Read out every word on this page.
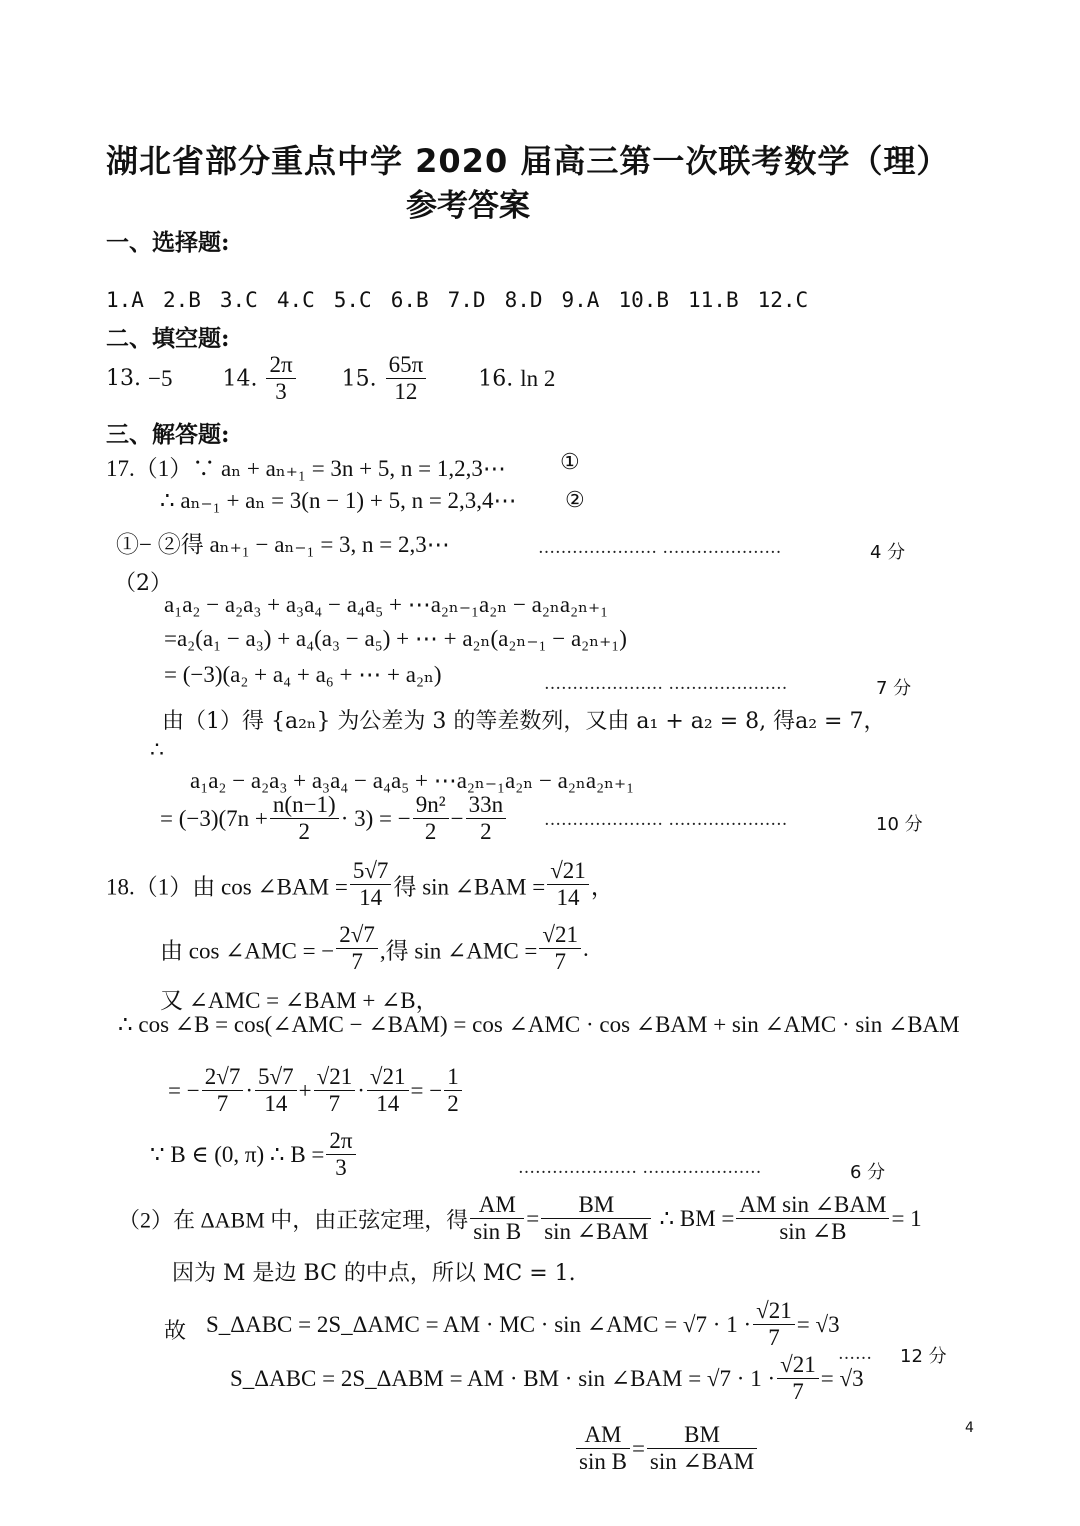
湖北省部分重点中学 2020 届高三第一次联考数学（理）
参考答案
一、选择题:
1.A 2.B 3.C 4.C 5.C 6.B 7.D 8.D 9.A 10.B 11.B 12.C
二、填空题:
13. −5 14. $\frac{2\pi}{3} 15$. $\frac{65\pi}{12} 16$. ln 2
三、解答题:
17.（1）∵ aₙ + aₙ₊₁ = 3n + 5, n = 1,2,3⋯ ①
∴ aₙ₋₁ + aₙ = 3(n − 1) + 5, n = 2,3,4⋯ ②
①− ②得 aₙ₊₁ − aₙ₋₁ = 3, n = 2,3⋯	………………… …………………	4 分
（2）
a₁a₂ − a₂a₃ + a₃a₄ − a₄a₅ + ⋯a₂ₙ₋₁a₂ₙ − a₂ₙa₂ₙ₊₁
=a₂(a₁ − a₃) + a₄(a₃ − a₅) + ⋯ + a₂ₙ(a₂ₙ₋₁ − a₂ₙ₊₁)
= (−3)(a₂ + a₄ + a₆ + ⋯ + a₂ₙ)	………………… …………………	7 分
由（1）得 {a₂ₙ} 为公差为 3 的等差数列，又由 a₁ + a₂ = 8, 得a₂ = 7，
∴
a₁a₂ − a₂a₃ + a₃a₄ − a₄a₅ + ⋯a₂ₙ₋₁a₂ₙ − a₂ₙa₂ₙ₊₁
= $(-3)(7n + \frac{n(n-1)}{2} \cdot 3)$ = − $\frac{\text{9n²}}{2} - \frac{33n}{2}$ ………………… …………………	10 分
18.（1）由 cos ∠BAM = $\frac{5√7}{14}$ 得 sin ∠BAM = $\frac{√21}{14}$ ，
由 cos ∠AMC = − $\frac{2√7}{7}$ ,得 sin ∠AMC = $\frac{√21}{7}$ .
又 ∠AMC = ∠BAM + ∠B，
∴ cos ∠B = cos(∠AMC − ∠BAM) = cos ∠AMC · cos ∠BAM + sin ∠AMC · sin ∠BAM
= − $\frac{2√7}{7} \cdot \frac{5√7}{14} + \frac{√21}{7} \cdot \frac{√21}{14}$ = − $\frac{1}{2}$
∵ B ∈ (0, π) ∴ $B = \frac{2\pi}{3}$	………………… …………………	6 分
（2）在 ΔABM 中，由正弦定理，得 $\frac{AM}{\text{sin B}} = \frac{BM}{\text{sin ∠BAM}}$ ∴ BM = $\frac{\text{AM sin ∠BAM}}{\sin \angle B} = 1$
因为 M 是边 BC 的中点，所以 MC = 1.
故 S_ΔABC = 2S_ΔAMC = AM · MC · sin ∠AMC = $√7 \cdot 1 \cdot \frac{√21}{7} = √3$
…… 12 分
S_ΔABC = 2S_ΔABM = AM · BM · sin ∠BAM = $√7 \cdot 1 \cdot \frac{√21}{7} = √3$
$\frac{AM}{\text{sin B}} = \frac{BM}{\text{sin ∠BAM}}$	4
